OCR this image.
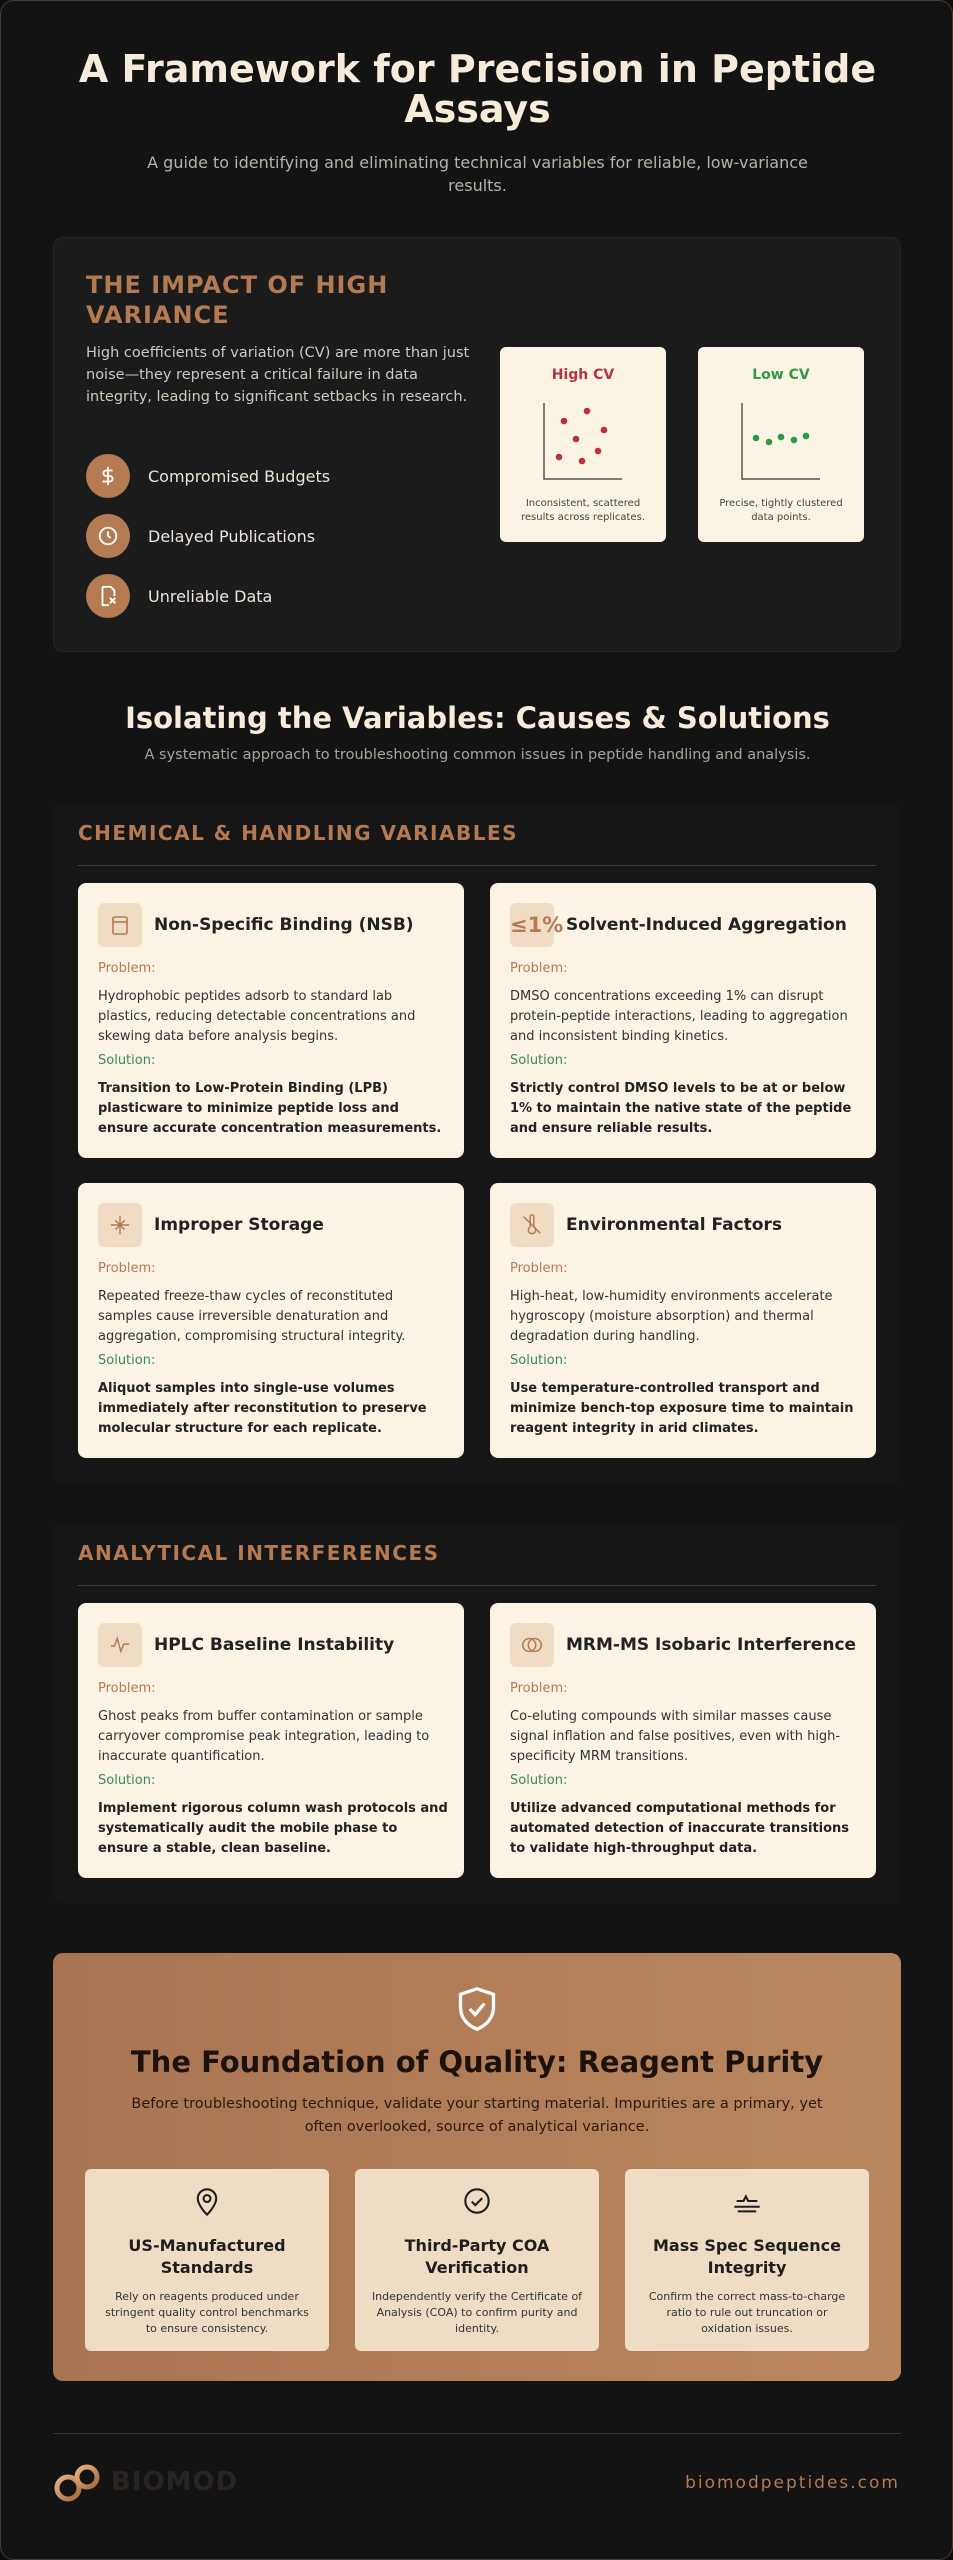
A Framework for Precision in Peptide Assays

A guide to identifying and eliminating technical variables for reliable, low-variance results.

THE IMPACT OF HIGH VARIANCE

High coefficients of variation (CV) are more than just noise—they represent a critical failure in data integrity, leading to significant setbacks in research.

Compromised Budgets
Delayed Publications
Unreliable Data
High CV
Inconsistent, scattered results across replicates.
Low CV
Precise, tightly clustered data points.
Isolating the Variables: Causes & Solutions

A systematic approach to troubleshooting common issues in peptide handling and analysis.

CHEMICAL & HANDLING VARIABLES
Non-Specific Binding (NSB)
Problem:
Hydrophobic peptides adsorb to standard lab plastics, reducing detectable concentrations and skewing data before analysis begins.
Solution:
Transition to Low-Protein Binding (LPB) plasticware to minimize peptide loss and ensure accurate concentration measurements.
≤1% Solvent-Induced Aggregation
Problem:
DMSO concentrations exceeding 1% can disrupt protein-peptide interactions, leading to aggregation and inconsistent binding kinetics.
Solution:
Strictly control DMSO levels to be at or below 1% to maintain the native state of the peptide and ensure reliable results.
Improper Storage
Problem:
Repeated freeze-thaw cycles of reconstituted samples cause irreversible denaturation and aggregation, compromising structural integrity.
Solution:
Aliquot samples into single-use volumes immediately after reconstitution to preserve molecular structure for each replicate.
Environmental Factors
Problem:
High-heat, low-humidity environments accelerate hygroscopy (moisture absorption) and thermal degradation during handling.
Solution:
Use temperature-controlled transport and minimize bench-top exposure time to maintain reagent integrity in arid climates.
ANALYTICAL INTERFERENCES
HPLC Baseline Instability
Problem:
Ghost peaks from buffer contamination or sample carryover compromise peak integration, leading to inaccurate quantification.
Solution:
Implement rigorous column wash protocols and systematically audit the mobile phase to ensure a stable, clean baseline.
MRM-MS Isobaric Interference
Problem:
Co-eluting compounds with similar masses cause signal inflation and false positives, even with high-specificity MRM transitions.
Solution:
Utilize advanced computational methods for automated detection of inaccurate transitions to validate high-throughput data.
The Foundation of Quality: Reagent Purity

Before troubleshooting technique, validate your starting material. Impurities are a primary, yet often overlooked, source of analytical variance.

US-Manufactured Standards
Rely on reagents produced under stringent quality control benchmarks to ensure consistency.
Third-Party COA Verification
Independently verify the Certificate of Analysis (COA) to confirm purity and identity.
Mass Spec Sequence Integrity
Confirm the correct mass-to-charge ratio to rule out truncation or oxidation issues.
BIOMOD	biomodpeptides.com
